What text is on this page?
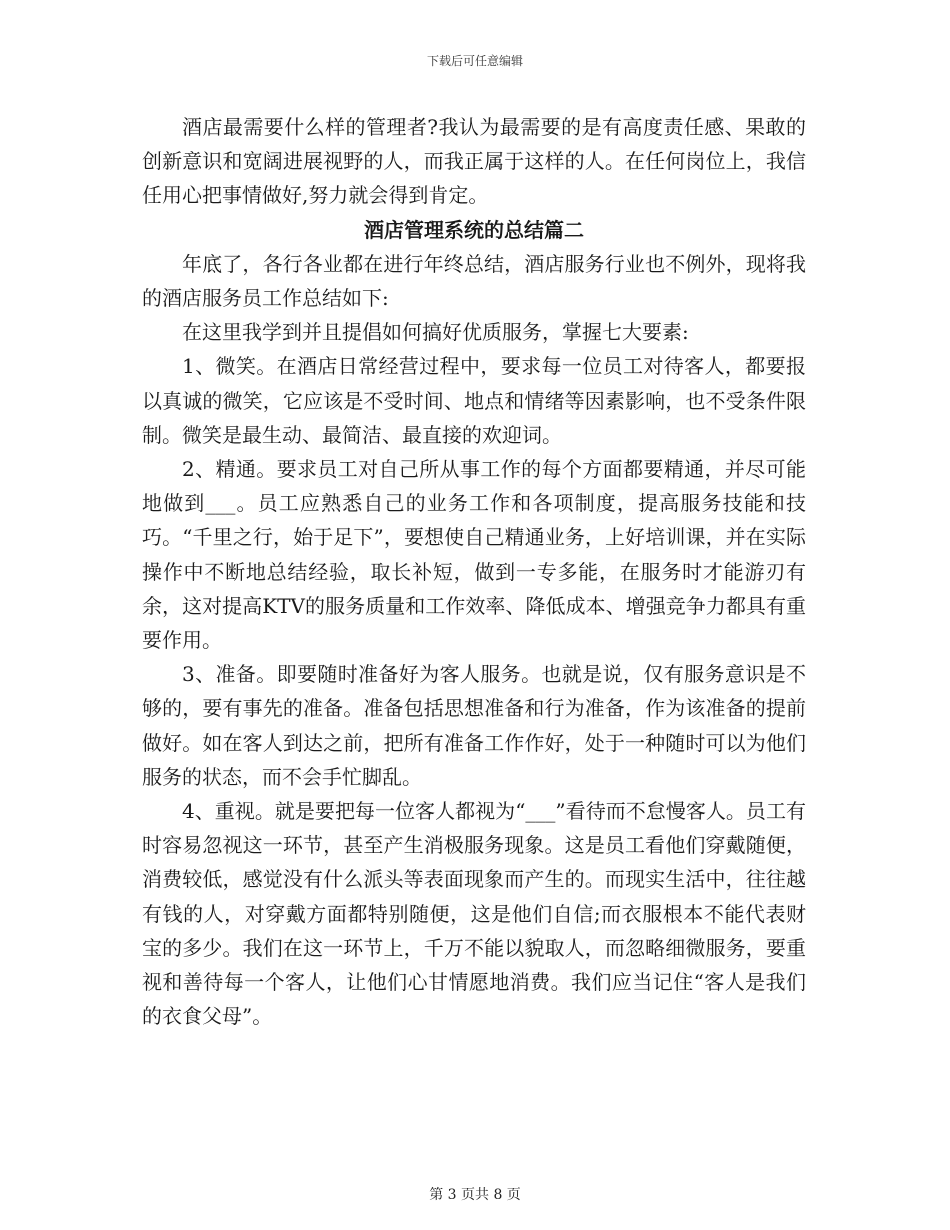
下载后可任意编辑

酒店最需要什么样的管理者?我认为最需要的是有高度责任感、果敢的创新意识和宽阔进展视野的人，而我正属于这样的人。在任何岗位上，我信任用心把事情做好,努力就会得到肯定。

酒店管理系统的总结篇二

年底了，各行各业都在进行年终总结，酒店服务行业也不例外，现将我的酒店服务员工作总结如下:

在这里我学到并且提倡如何搞好优质服务，掌握七大要素:

1、微笑。在酒店日常经营过程中，要求每一位员工对待客人，都要报以真诚的微笑，它应该是不受时间、地点和情绪等因素影响，也不受条件限制。微笑是最生动、最简洁、最直接的欢迎词。

2、精通。要求员工对自己所从事工作的每个方面都要精通，并尽可能地做到___。员工应熟悉自己的业务工作和各项制度，提高服务技能和技巧。“千里之行，始于足下”，要想使自己精通业务，上好培训课，并在实际操作中不断地总结经验，取长补短，做到一专多能，在服务时才能游刃有余，这对提高KTV的服务质量和工作效率、降低成本、增强竞争力都具有重要作用。

3、准备。即要随时准备好为客人服务。也就是说，仅有服务意识是不够的，要有事先的准备。准备包括思想准备和行为准备，作为该准备的提前做好。如在客人到达之前，把所有准备工作作好，处于一种随时可以为他们服务的状态，而不会手忙脚乱。

4、重视。就是要把每一位客人都视为“___”看待而不怠慢客人。员工有时容易忽视这一环节，甚至产生消极服务现象。这是员工看他们穿戴随便，消费较低，感觉没有什么派头等表面现象而产生的。而现实生活中，往往越有钱的人，对穿戴方面都特别随便，这是他们自信;而衣服根本不能代表财宝的多少。我们在这一环节上，千万不能以貌取人，而忽略细微服务，要重视和善待每一个客人，让他们心甘情愿地消费。我们应当记住“客人是我们的衣食父母”。

第 3 页共 8 页
